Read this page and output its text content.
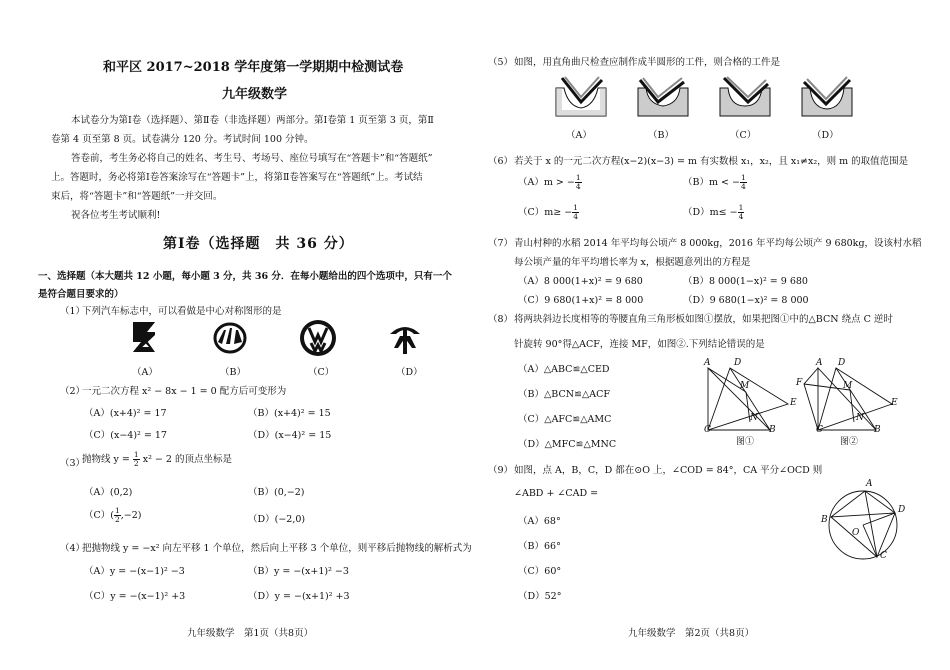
和平区 2017~2018 学年度第一学期期中检测试卷
九年级数学
本试卷分为第Ⅰ卷（选择题）、第Ⅱ卷（非选择题）两部分。第Ⅰ卷第 1 页至第 3 页，第Ⅱ
卷第 4 页至第 8 页。试卷满分 120 分。考试时间 100 分钟。
答卷前，考生务必将自己的姓名、考生号、考场号、座位号填写在“答题卡”和“答题纸”
上。答题时，务必将第Ⅰ卷答案涂写在“答题卡”上，将第Ⅱ卷答案写在“答题纸”上。考试结
束后，将“答题卡”和“答题纸”一并交回。
祝各位考生考试顺利!
第Ⅰ卷（选择题　共 36 分）
一、选择题（本大题共 12 小题，每小题 3 分，共 36 分．在每小题给出的四个选项中，只有一个
是符合题目要求的）
（1）
下列汽车标志中，可以看做是中心对称图形的是
（A）	（B）	（C）	（D）
（2）
一元二次方程 x² − 8x − 1 = 0 配方后可变形为
（A）(x+4)² = 17	（B）(x+4)² = 15
（C）(x−4)² = 17	（D）(x−4)² = 15
（3）
抛物线 $y = \frac{1}{2} x^2 - 2$ 的顶点坐标是
（A）(0,2)	（B）(0,−2)
$(C)( \frac{1}{2} ,-2)$	（D）(−2,0)
（4）
把抛物线 y = −x² 向左平移 1 个单位，然后向上平移 3 个单位，则平移后抛物线的解析式为
（A）y = −(x−1)² −3	（B）y = −(x+1)² −3
（C）y = −(x−1)² +3	（D）y = −(x+1)² +3
九年级数学　第1页（共8页）
（5） 如图，用直角曲尺检查应制作成半圆形的工件，则合格的工件是
（A）	（B）	（C）	（D）
（6） 若关于 x 的一元二次方程(x−2)(x−3) = m 有实数根 x₁，x₂，且 x₁≠x₂，则 m 的取值范围是
（A）m > − $\frac{1}{4}$	（B）m < − $\frac{1}{4}$
$(C)m\ge - \frac{1}{4}$	$(D)m\le - \frac{1}{4}$
（7） 青山村种的水稻 2014 年平均每公顷产 8 000kg，2016 年平均每公顷产 9 680kg，设该村水稻
每公顷产量的年平均增长率为 x，根据题意列出的方程是
（A）8 000(1+x)² = 9 680	（B）8 000(1−x)² = 9 680
（C）9 680(1+x)² = 8 000	（D）9 680(1−x)² = 8 000
（8） 将两块斜边长度相等的等腰直角三角形板如图①摆放，如果把图①中的△BCN 绕点 C 逆时
针旋转 90°得△ACF，连接 MF，如图②.下列结论错误的是
（A）△ABC≌△CED
（B）△BCN≌△ACF
（C）△AFC≌△AMC
（D）△MFC≌△MNC
A	D
M
E
N
C	B
图①
A D
F	M
E
N
C	B
图②
（9） 如图，点 A，B，C，D 都在⊙O 上，∠COD = 84°，CA 平分∠OCD 则
∠ABD + ∠CAD =
（A）68°
（B）66°
（C）60°
（D）52°
A
D
B
O
C
九年级数学　第2页（共8页）
